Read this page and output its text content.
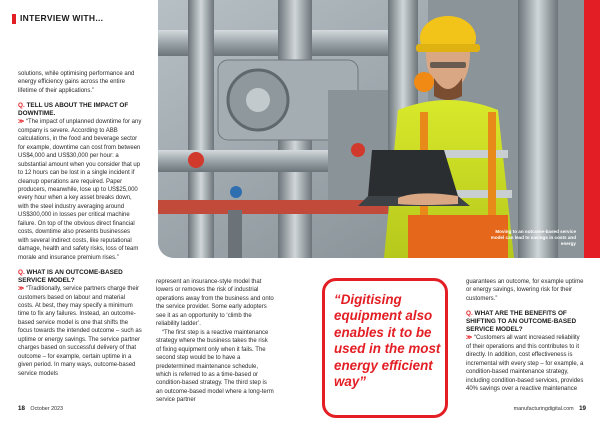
INTERVIEW WITH...
Moving to an outcome-based service model can lead to savings in costs and energy

solutions, while optimising performance and energy efficiency gains across the entire lifetime of their applications.”

Q. TELL US ABOUT THE IMPACT OF DOWNTIME.

≫ “The impact of unplanned downtime for any company is severe. According to ABB calculations, in the food and beverage sector for example, downtime can cost from between US$4,000 and US$30,000 per hour: a substantial amount when you consider that up to 12 hours can be lost in a single incident if cleanup operations are required. Paper producers, meanwhile, lose up to US$25,000 every hour when a key asset breaks down, with the steel industry averaging around US$300,000 in losses per critical machine failure. On top of the obvious direct financial costs, downtime also presents businesses with several indirect costs, like reputational damage, health and safety risks, loss of team morale and insurance premium rises.”

Q. WHAT IS AN OUTCOME-BASED SERVICE MODEL?

≫ “Traditionally, service partners charge their customers based on labour and material costs. At best, they may specify a minimum time to fix any failures. Instead, an outcome-based service model is one that shifts the focus towards the intended outcome – such as uptime or energy savings. The service partner charges based on successful delivery of that outcome – for example, certain uptime in a given period. In many ways, outcome-based service models

represent an insurance-style model that lowers or removes the risk of industrial operations away from the business and onto the service provider. Some early adopters see it as an opportunity to ‘climb the reliability ladder’.

“The first step is a reactive maintenance strategy where the business takes the risk of fixing equipment only when it fails. The second step would be to have a predetermined maintenance schedule, which is referred to as a time-based or condition-based strategy. The third step is an outcome-based model where a long-term service partner

“Digitising equipment also enables it to be used in the most energy efficient way”

guarantees an outcome, for example uptime or energy savings, lowering risk for their customers.”

Q. WHAT ARE THE BENEFITS OF SHIFTING TO AN OUTCOME-BASED SERVICE MODEL?

≫ “Customers all want increased reliability of their operations and this contributes to it directly. In addition, cost effectiveness is incremental with every step – for example, a condition-based maintenance strategy, including condition-based services, provides 40% savings over a reactive maintenance

18 October 2023	manufacturingdigital.com 19
